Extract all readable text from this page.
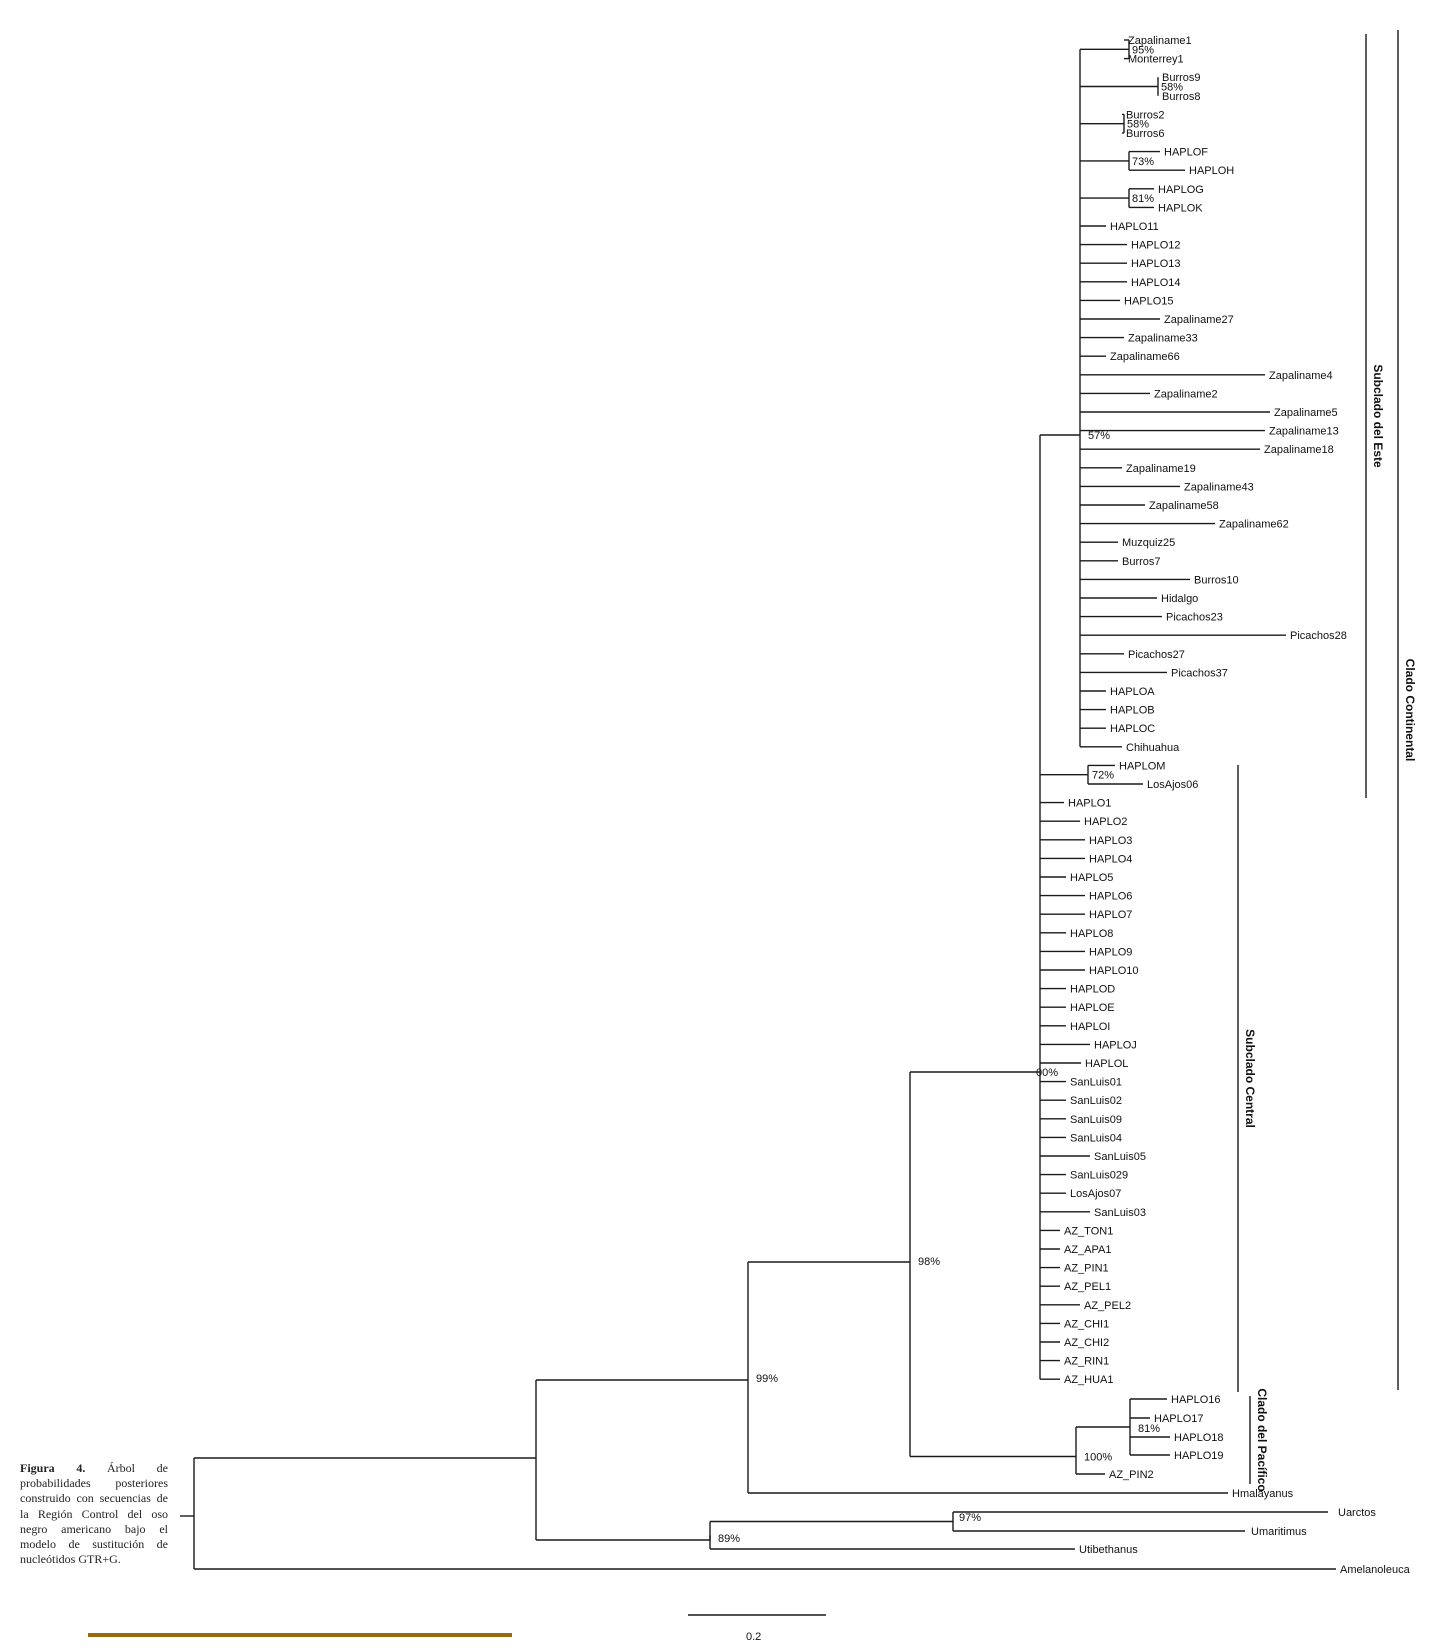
Zapaliname1
Monterrey1
Burros9
Burros8
Burros2
Burros6
HAPLOF
HAPLOH
HAPLOG
HAPLOK
HAPLO11
HAPLO12
HAPLO13
HAPLO14
HAPLO15
Zapaliname27
Zapaliname33
Zapaliname66
Zapaliname4
Zapaliname2
Zapaliname5
Zapaliname13
Zapaliname18
Zapaliname19
Zapaliname43
Zapaliname58
Zapaliname62
Muzquiz25
Burros7
Burros10
Hidalgo
Picachos23
Picachos28
Picachos27
Picachos37
HAPLOA
HAPLOB
HAPLOC
Chihuahua
HAPLOM
LosAjos06
HAPLO1
HAPLO2
HAPLO3
HAPLO4
HAPLO5
HAPLO6
HAPLO7
HAPLO8
HAPLO9
HAPLO10
HAPLOD
HAPLOE
HAPLOI
HAPLOJ
HAPLOL
SanLuis01
SanLuis02
SanLuis09
SanLuis04
SanLuis05
SanLuis029
LosAjos07
SanLuis03
AZ_TON1
AZ_APA1
AZ_PIN1
AZ_PEL1
AZ_PEL2
AZ_CHI1
AZ_CHI2
AZ_RIN1
AZ_HUA1
HAPLO16
HAPLO17
HAPLO18
HAPLO19
AZ_PIN2
Hmalayanus
Uarctos
Umaritimus
Utibethanus
Amelanoleuca
95%
58%
58%
73%
81%
57%
72%
00%
81%
100%
98%
99%
97%
89%
Subclado del Este
Subclado Central
Clado del Pacífico
Clado Continental
0.2
Figura 4. Árbol de probabilidades posteriores construido con secuencias de la Región Control del oso negro americano bajo el modelo de sustitución de nucleótidos GTR+G.
